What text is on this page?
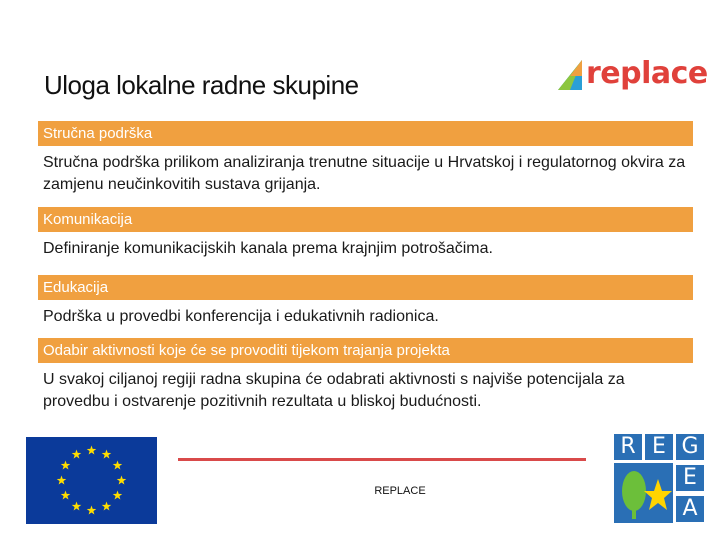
Uloga lokalne radne skupine	replace
Stručna podrška
Stručna podrška prilikom analiziranja trenutne situacije u Hrvatskoj i regulatornog okvira za zamjenu neučinkovitih sustava grijanja.
Komunikacija
Definiranje komunikacijskih kanala prema krajnjim potrošačima.
Edukacija
Podrška u provedbi konferencija i edukativnih radionica.
Odabir aktivnosti koje će se provoditi tijekom trajanja projekta
U svakoj ciljanoj regiji radna skupina će odabrati aktivnosti s najviše potencijala za provedbu i ostvarenje pozitivnih rezultata u bliskoj budućnosti.
REPLACE
R E G
E
A
